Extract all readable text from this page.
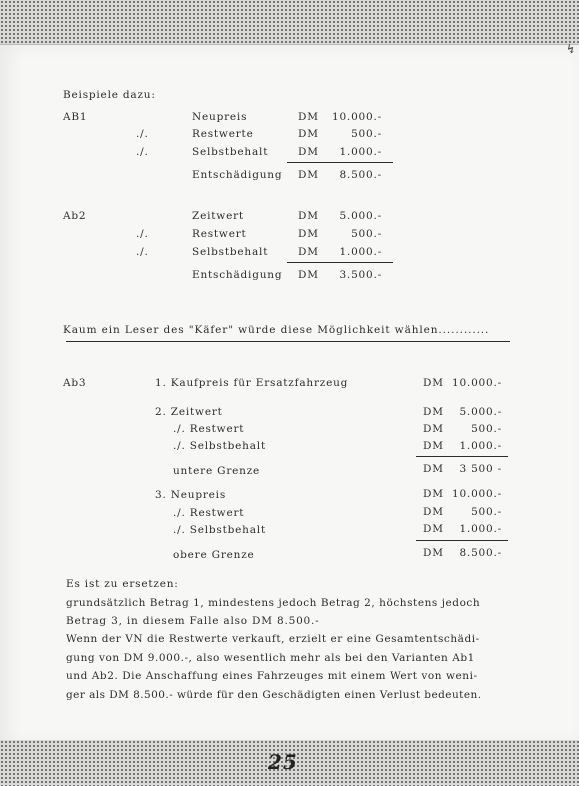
↯
Beispiele dazu:
AB1	Neupreis	DM	10.000.-
./.	Restwerte	DM	500.-
./.	Selbstbehalt	DM	1.000.-
Entschädigung DM	8.500.-
Ab2	Zeitwert	DM	5.000.-
./.	Restwert	DM	500.-
./.	Selbstbehalt	DM	1.000.-
Entschädigung DM	3.500.-
Kaum ein Leser des "Käfer" würde diese Möglichkeit wählen............
Ab3	1. Kaufpreis für Ersatzfahrzeug	DM 10.000.-
2. Zeitwert	DM	5.000.-
./. Restwert	DM	500.-
./. Selbstbehalt	DM	1.000.-
untere Grenze	DM	3 500 -
3. Neupreis	DM 10.000.-
./. Restwert	DM	500.-
./. Selbstbehalt	DM	1.000.-
obere Grenze	DM	8.500.-
Es ist zu ersetzen:
grundsätzlich Betrag 1, mindestens jedoch Betrag 2, höchstens jedoch
Betrag 3, in diesem Falle also DM 8.500.-
Wenn der VN die Restwerte verkauft, erzielt er eine Gesamtentschädi-
gung von DM 9.000.-, also wesentlich mehr als bei den Varianten Ab1
und Ab2. Die Anschaffung eines Fahrzeuges mit einem Wert von weni-
ger als DM 8.500.- würde für den Geschädigten einen Verlust bedeuten.
25
